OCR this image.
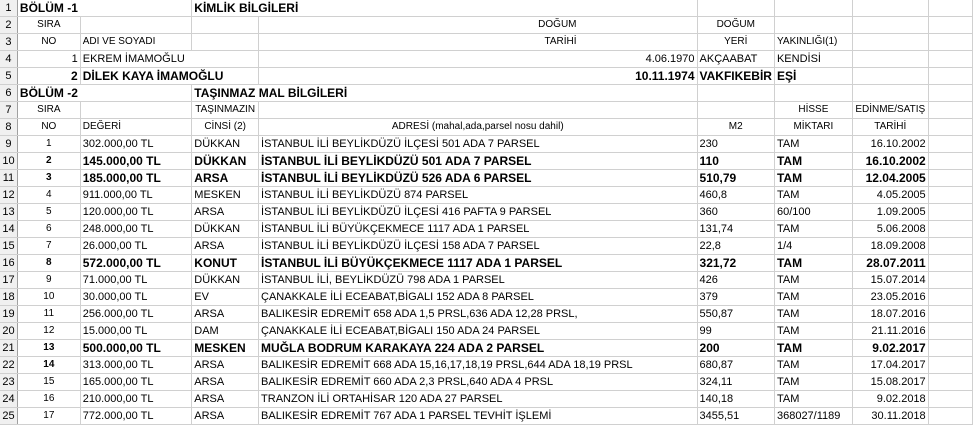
1	BÖLÜM -1		KİMLİK BİLGİLERİ					
2	SIRA			DOĞUM	DOĞUM			
3	NO	ADI VE SOYADI		TARİHİ	YERİ	YAKINLIĞI(1)		
4	1	EKREM İMAMOĞLU		4.06.1970	AKÇAABAT	KENDİSİ		
5	2	DİLEK KAYA İMAMOĞLU		10.11.1974	VAKFIKEBİR	EŞİ		
6	BÖLÜM -2		TAŞINMAZ MAL BİLGİLERİ					
7	SIRA		TAŞINMAZIN			HİSSE	EDİNME/SATIŞ	
8	NO	DEĞERİ	CİNSİ (2)	ADRESİ (mahal,ada,parsel nosu dahil)	M2	MİKTARI	TARİHİ	
9	1	302.000,00 TL	DÜKKAN	İSTANBUL İLİ BEYLİKDÜZÜ İLÇESİ 501 ADA 7 PARSEL	230	TAM	16.10.2002	
10	2	145.000,00 TL	DÜKKAN	İSTANBUL İLİ BEYLİKDÜZÜ 501 ADA 7 PARSEL	110	TAM	16.10.2002	
11	3	185.000,00 TL	ARSA	İSTANBUL İLİ BEYLİKDÜZÜ 526 ADA 6 PARSEL	510,79	TAM	12.04.2005	
12	4	911.000,00 TL	MESKEN	İSTANBUL İLİ BEYLİKDÜZÜ 874 PARSEL	460,8	TAM	4.05.2005	
13	5	120.000,00 TL	ARSA	İSTANBUL İLİ BEYLİKDÜZÜ İLÇESİ 416 PAFTA 9 PARSEL	360	60/100	1.09.2005	
14	6	248.000,00 TL	DÜKKAN	İSTANBUL İLİ BÜYÜKÇEKMECE 1117 ADA 1 PARSEL	131,74	TAM	5.06.2008	
15	7	26.000,00 TL	ARSA	İSTANBUL İLİ BEYLİKDÜZÜ İLÇESİ 158 ADA 7 PARSEL	22,8	1/4	18.09.2008	
16	8	572.000,00 TL	KONUT	İSTANBUL İLİ BÜYÜKÇEKMECE 1117 ADA 1 PARSEL	321,72	TAM	28.07.2011	
17	9	71.000,00 TL	DÜKKAN	İSTANBUL İLİ, BEYLİKDÜZÜ 798 ADA 1 PARSEL	426	TAM	15.07.2014	
18	10	30.000,00 TL	EV	ÇANAKKALE İLİ ECEABAT,BİGALI 152 ADA 8 PARSEL	379	TAM	23.05.2016	
19	11	256.000,00 TL	ARSA	BALIKESİR EDREMİT 658 ADA 1,5 PRSL,636 ADA 12,28 PRSL,	550,87	TAM	18.07.2016	
20	12	15.000,00 TL	DAM	ÇANAKKALE İLİ ECEABAT,BİGALI 150 ADA 24 PARSEL	99	TAM	21.11.2016	
21	13	500.000,00 TL	MESKEN	MUĞLA BODRUM KARAKAYA 224 ADA 2 PARSEL	200	TAM	9.02.2017	
22	14	313.000,00 TL	ARSA	BALIKESİR EDREMİT 668 ADA 15,16,17,18,19 PRSL,644 ADA 18,19 PRSL	680,87	TAM	17.04.2017	
23	15	165.000,00 TL	ARSA	BALIKESİR EDREMİT 660 ADA 2,3 PRSL,640 ADA 4 PRSL	324,11	TAM	15.08.2017	
24	16	210.000,00 TL	ARSA	TRANZON İLİ ORTAHİSAR 120 ADA 27 PARSEL	140,18	TAM	9.02.2018	
25	17	772.000,00 TL	ARSA	BALIKESİR EDREMİT 767 ADA 1 PARSEL TEVHİT İŞLEMİ	3455,51	368027/1189	30.11.2018	
